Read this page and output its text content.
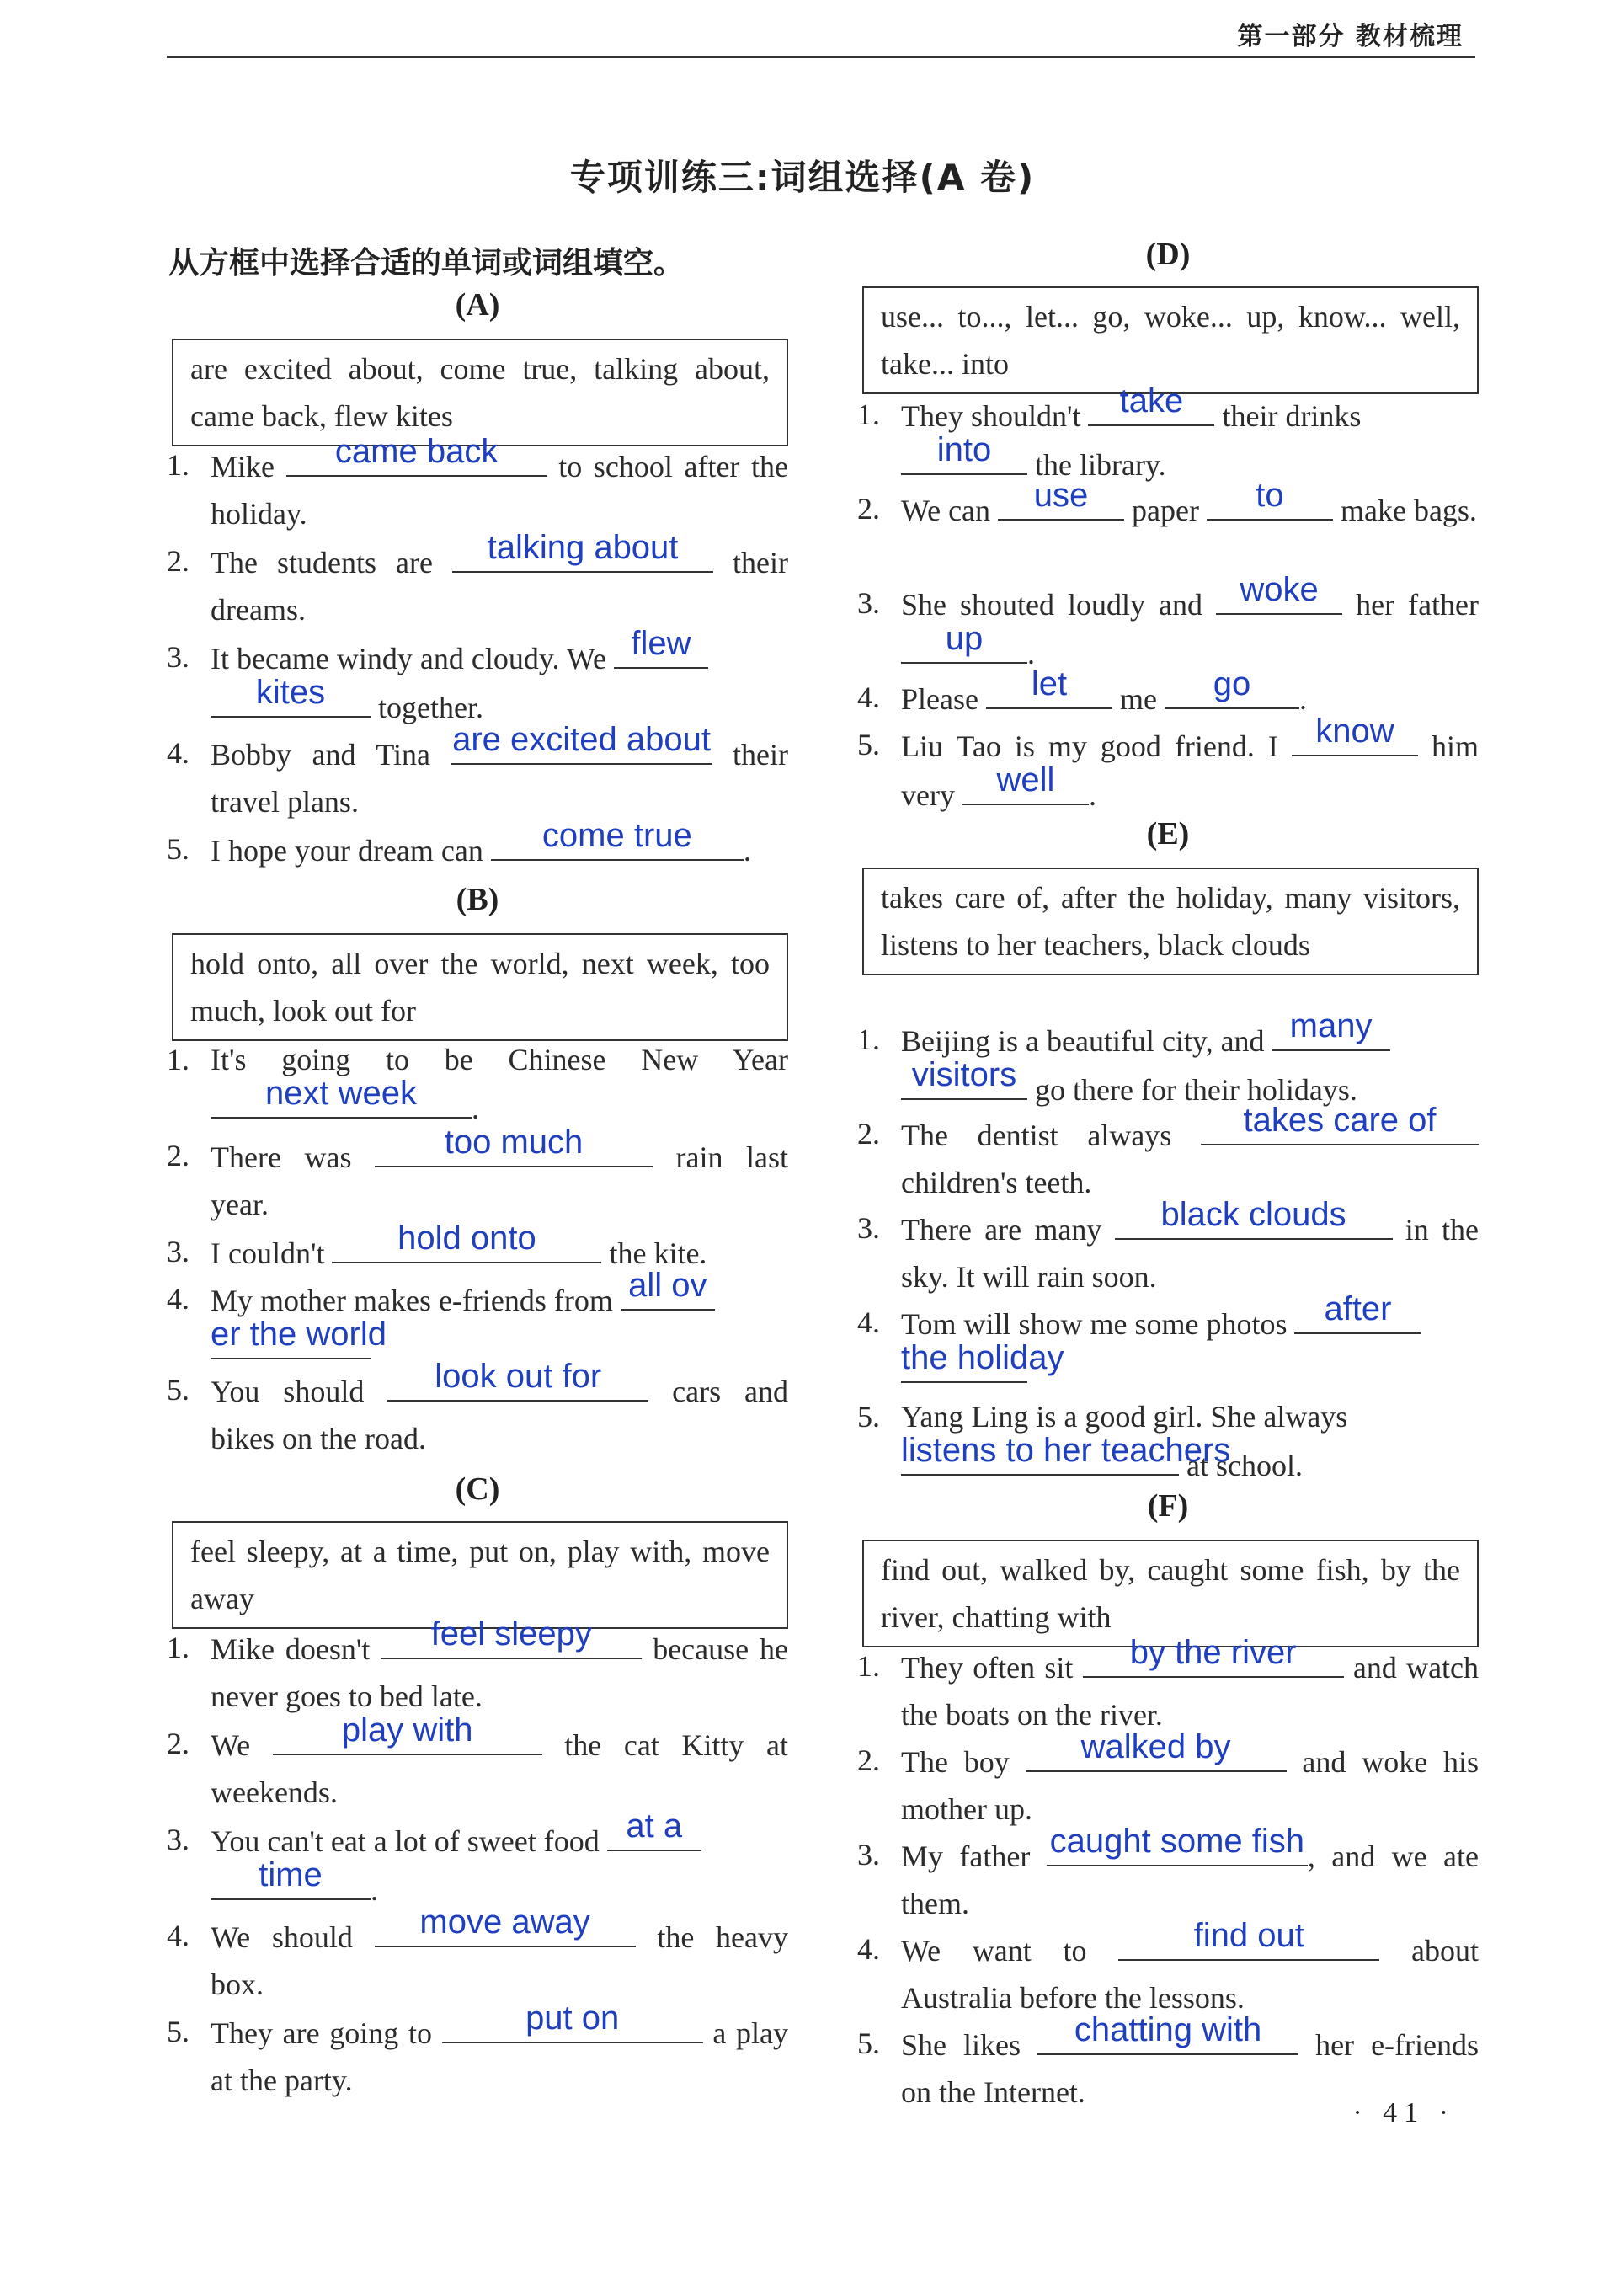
第一部分 教材梳理
专项训练三:词组选择(A 卷)
从方框中选择合适的单词或词组填空。
(A)
are excited about, come true, talking about, came back, flew kites
1. Mike	came back	to school after the holiday.
2. The students are	talking about	their dreams.
3. It became windy and cloudy. We flew

kites	together.
4. Bobby and Tina are excited about their travel plans.
5. I hope your dream can	come true	.
(B)
hold onto, all over the world, next week, too much, look out for
1. It's going to be Chinese New Year
next week	.
2. There was	too much	rain last year.
3. I couldn't	hold onto	the kite.
4. My mother makes e-friends from all ov

er the world
5. You should	look out for	cars and bikes on the road.
(C)
feel sleepy, at a time, put on, play with, move away
1. Mike doesn't	feel sleepy	because he never goes to bed late.
2. We	play with	the cat Kitty at weekends.
3. You can't eat a lot of sweet food at a

time	.
4. We should	move away	the heavy box.
5. They are going to	put on	a play at the party.
(D)
use... to..., let... go, woke... up, know... well, take... into
1. They shouldn't	take	their drinks

into	the library.
2. We can	use	paper	to	make bags.
3. She shouted loudly and	woke	her father
up	.
4. Please	let	me	go	.
5. Liu Tao is my good friend. I	know	him very	well	.
(E)
takes care of, after the holiday, many visitors, listens to her teachers, black clouds
1. Beijing is a beautiful city, and many

visitors go there for their holidays.
2. The dentist always	takes care of
children's teeth.
3. There are many	black clouds	in the sky. It will rain soon.
4. Tom will show me some photos	after

the holiday
5. Yang Ling is a good girl. She always

listens to her teachers
at school.
(F)
find out, walked by, caught some fish, by the river, chatting with
1. They often sit	by the river	and watch the boats on the river.
2. The boy	walked by	and woke his mother up.
3. My father caught some fish , and we ate them.
4. We want to	find out	about Australia before the lessons.
5. She likes	chatting with	her e-friends on the Internet.
· 41 ·
